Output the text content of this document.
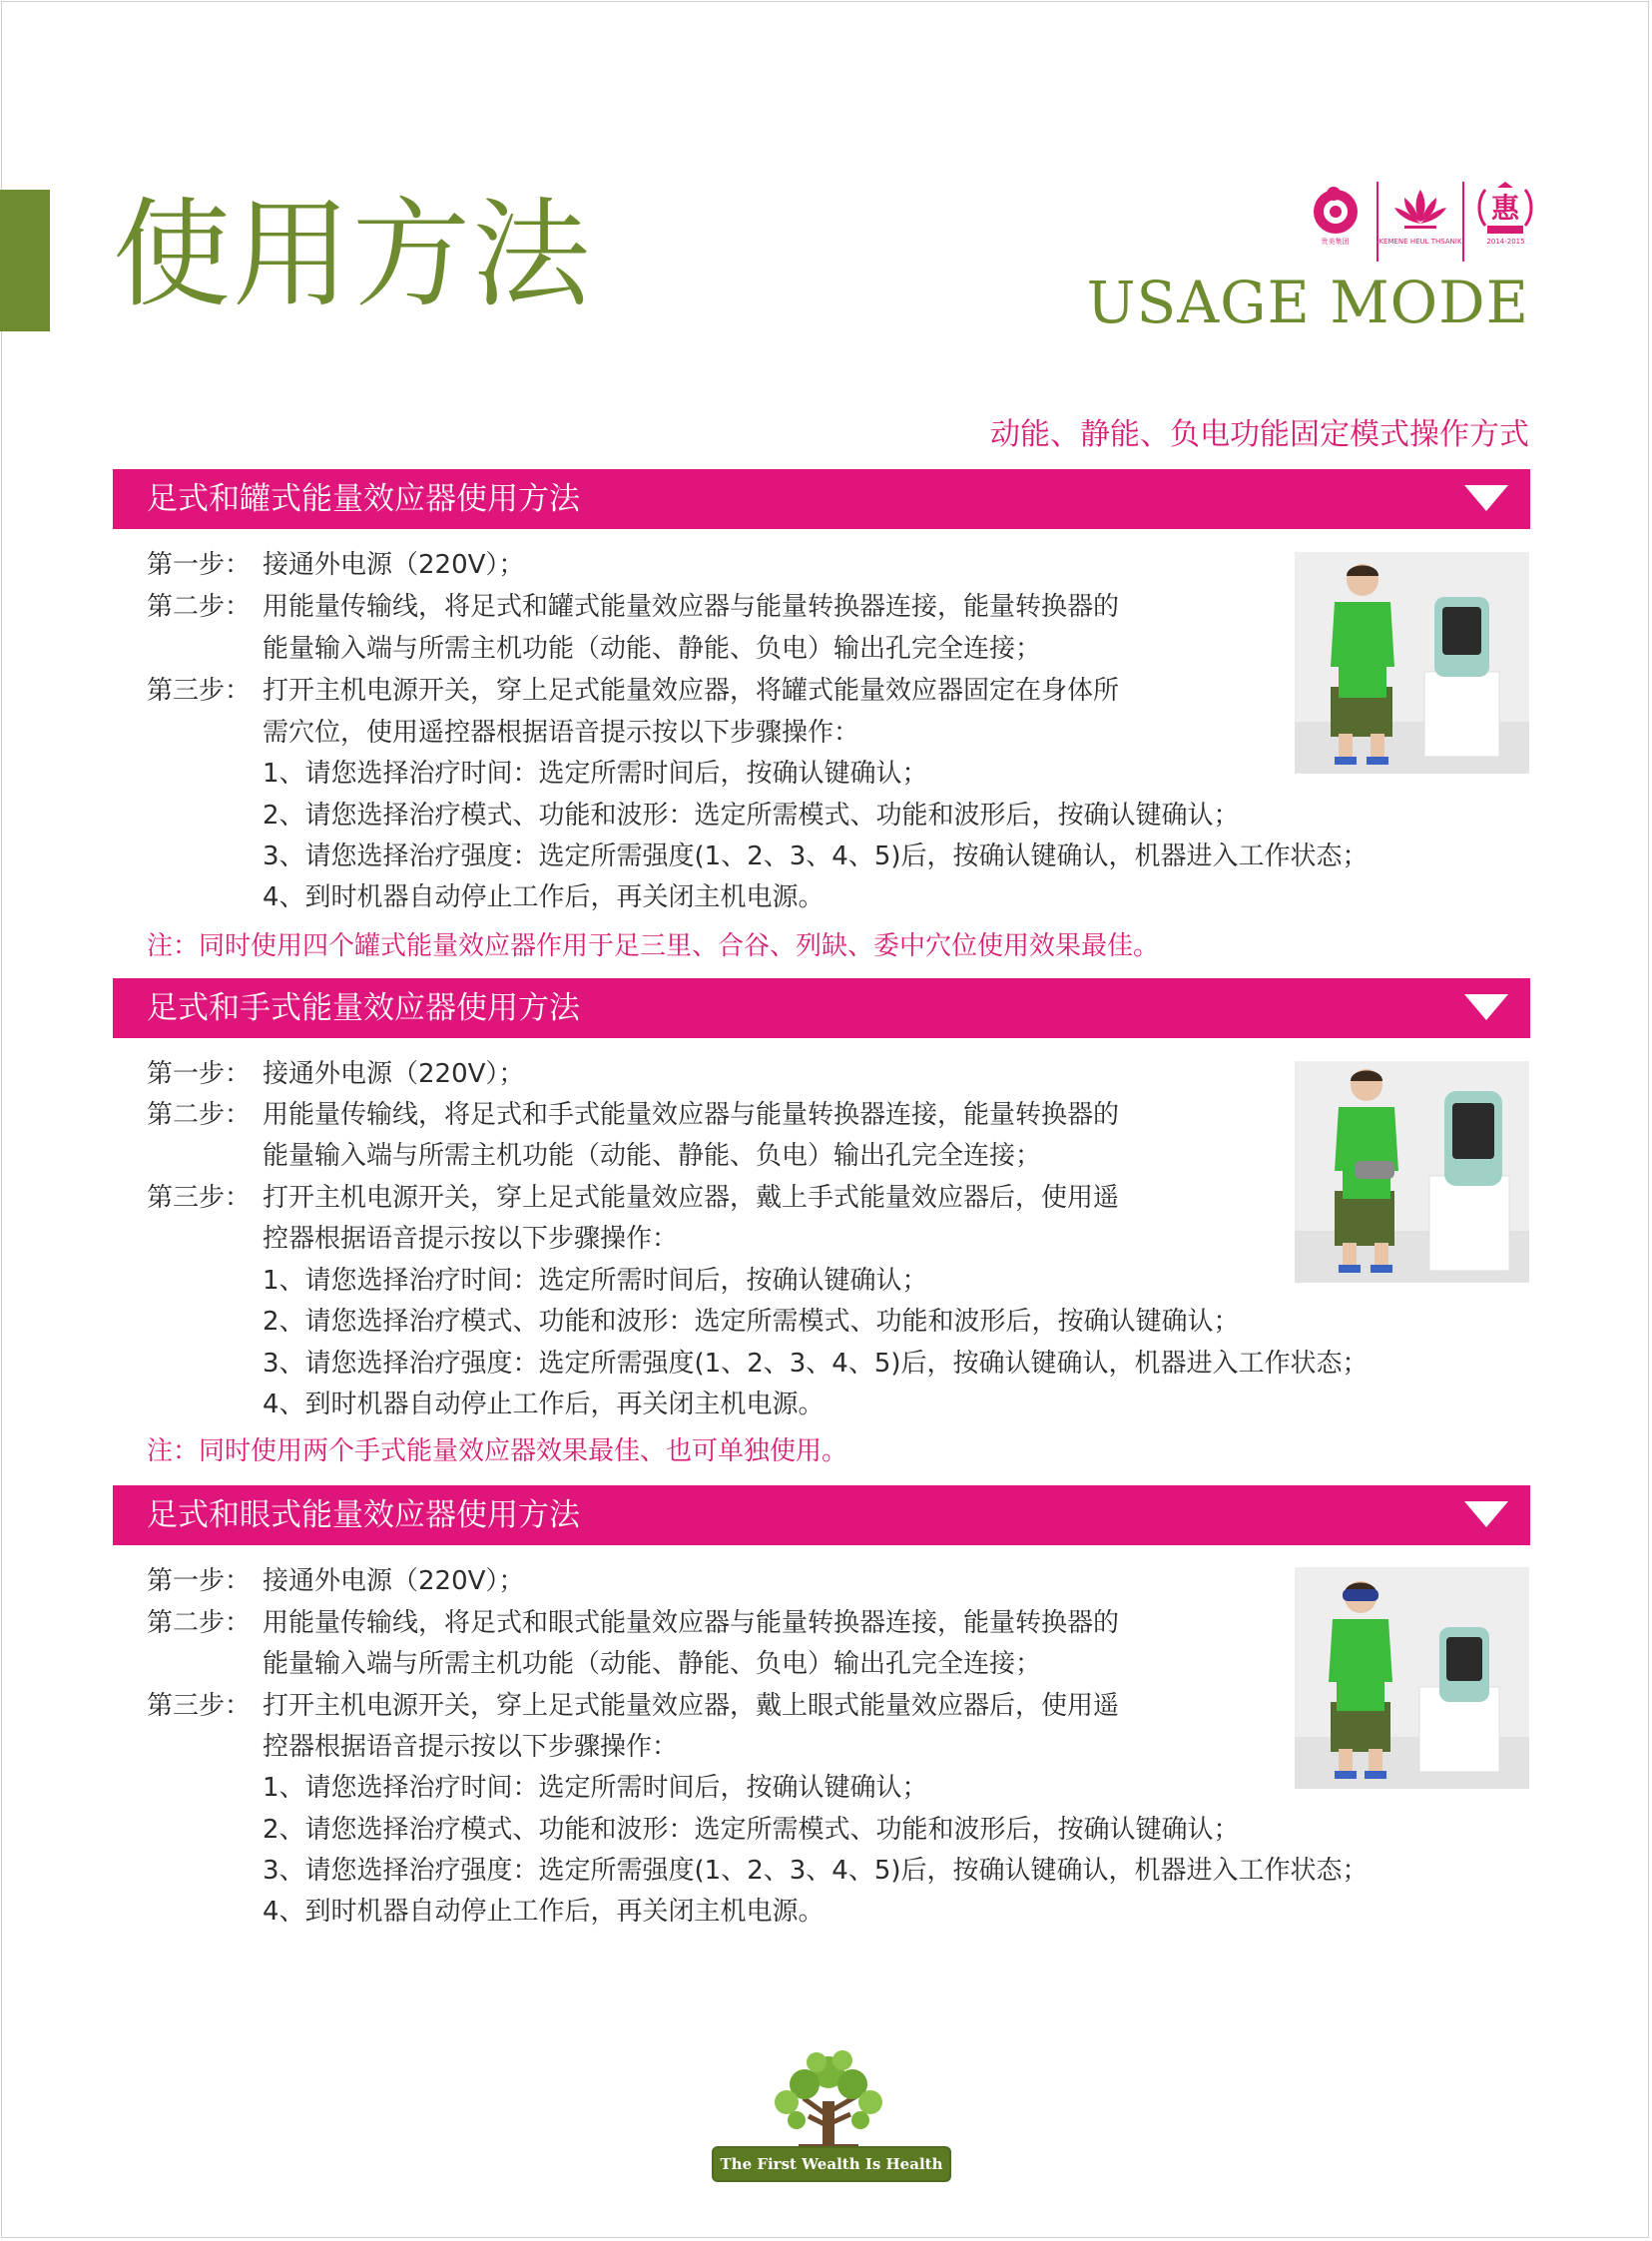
使用方法	贵美集团	KEMENE HEUL THSANIK
惠
2014-2015
USAGE MODE
动能、静能、负电功能固定模式操作方式
足式和罐式能量效应器使用方法
第一步： 接通外电源（220V）；
第二步： 用能量传输线，将足式和罐式能量效应器与能量转换器连接，能量转换器的
能量输入端与所需主机功能（动能、静能、负电）输出孔完全连接；
第三步： 打开主机电源开关，穿上足式能量效应器，将罐式能量效应器固定在身体所
需穴位，使用遥控器根据语音提示按以下步骤操作：
1、请您选择治疗时间：选定所需时间后，按确认键确认；
2、请您选择治疗模式、功能和波形：选定所需模式、功能和波形后，按确认键确认；
3、请您选择治疗强度：选定所需强度(1、2、3、4、5)后，按确认键确认，机器进入工作状态；
4、到时机器自动停止工作后，再关闭主机电源。
注：同时使用四个罐式能量效应器作用于足三里、合谷、列缺、委中穴位使用效果最佳。
足式和手式能量效应器使用方法
第一步： 接通外电源（220V）；
第二步： 用能量传输线，将足式和手式能量效应器与能量转换器连接，能量转换器的
能量输入端与所需主机功能（动能、静能、负电）输出孔完全连接；
第三步： 打开主机电源开关，穿上足式能量效应器，戴上手式能量效应器后，使用遥
控器根据语音提示按以下步骤操作：
1、请您选择治疗时间：选定所需时间后，按确认键确认；
2、请您选择治疗模式、功能和波形：选定所需模式、功能和波形后，按确认键确认；
3、请您选择治疗强度：选定所需强度(1、2、3、4、5)后，按确认键确认，机器进入工作状态；
4、到时机器自动停止工作后，再关闭主机电源。
注：同时使用两个手式能量效应器效果最佳、也可单独使用。
足式和眼式能量效应器使用方法
第一步： 接通外电源（220V）；
第二步： 用能量传输线，将足式和眼式能量效应器与能量转换器连接，能量转换器的
能量输入端与所需主机功能（动能、静能、负电）输出孔完全连接；
第三步： 打开主机电源开关，穿上足式能量效应器，戴上眼式能量效应器后，使用遥
控器根据语音提示按以下步骤操作：
1、请您选择治疗时间：选定所需时间后，按确认键确认；
2、请您选择治疗模式、功能和波形：选定所需模式、功能和波形后，按确认键确认；
3、请您选择治疗强度：选定所需强度(1、2、3、4、5)后，按确认键确认，机器进入工作状态；
4、到时机器自动停止工作后，再关闭主机电源。
The First Wealth Is Health
